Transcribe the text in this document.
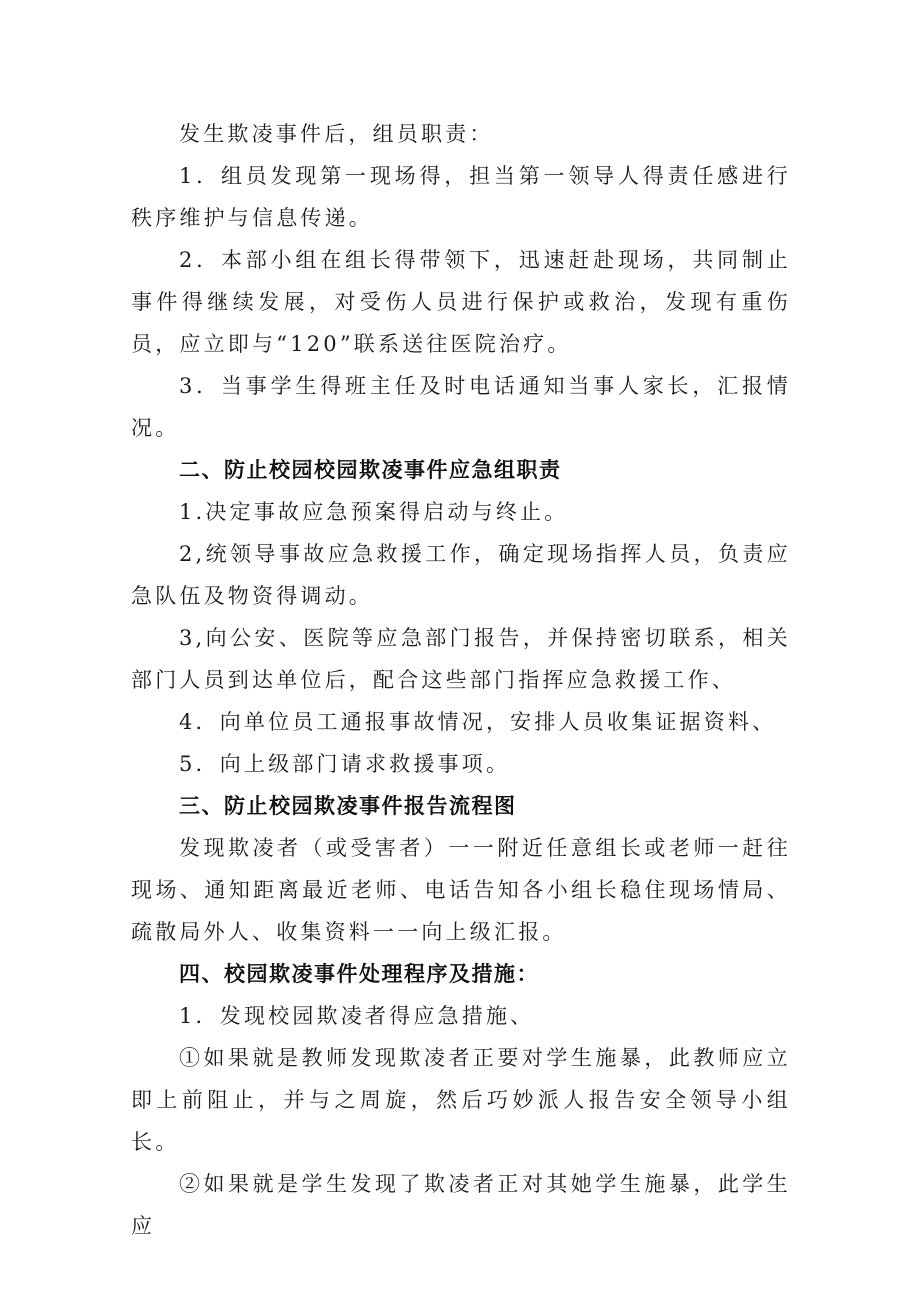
发生欺凌事件后，组员职责：

1．组员发现第一现场得，担当第一领导人得责任感进行秩序维护与信息传递。

2．本部小组在组长得带领下，迅速赶赴现场，共同制止事件得继续发展，对受伤人员进行保护或救治，发现有重伤员，应立即与“120”联系送往医院治疗。

3．当事学生得班主任及时电话通知当事人家长，汇报情况。

二、防止校园校园欺凌事件应急组职责

1.决定事故应急预案得启动与终止。

2,统领导事故应急救援工作，确定现场指挥人员，负责应急队伍及物资得调动。

3,向公安、医院等应急部门报告，并保持密切联系，相关部门人员到达单位后，配合这些部门指挥应急救援工作、

4．向单位员工通报事故情况，安排人员收集证据资料、

5．向上级部门请求救援事项。

三、防止校园欺凌事件报告流程图

发现欺凌者（或受害者）一一附近任意组长或老师一赶往现场、通知距离最近老师、电话告知各小组长稳住现场情局、疏散局外人、收集资料一一向上级汇报。

四、校园欺凌事件处理程序及措施：

1．发现校园欺凌者得应急措施、

①如果就是教师发现欺凌者正要对学生施暴，此教师应立即上前阻止，并与之周旋，然后巧妙派人报告安全领导小组长。

②如果就是学生发现了欺凌者正对其她学生施暴，此学生应
